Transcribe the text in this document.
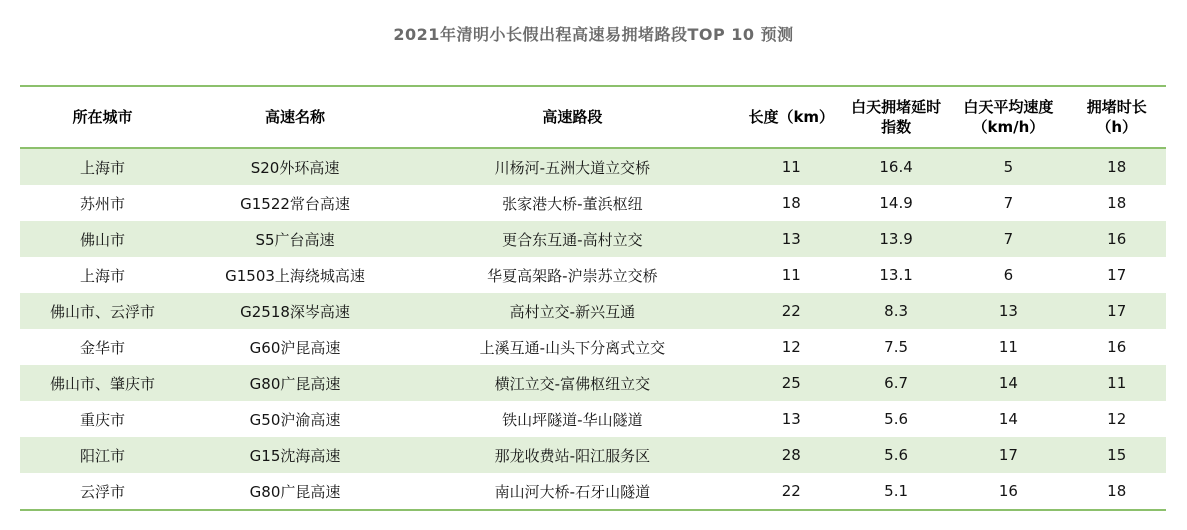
2021年清明小长假出程高速易拥堵路段TOP 10 预测
所在城市	高速名称	高速路段	长度（km）	白天拥堵延时指数	白天平均速度（km/h）	拥堵时长（h）
上海市	S20外环高速	川杨河-五洲大道立交桥	11	16.4	5	18
苏州市	G1522常台高速	张家港大桥-董浜枢纽	18	14.9	7	18
佛山市	S5广台高速	更合东互通-高村立交	13	13.9	7	16
上海市	G1503上海绕城高速	华夏高架路-沪崇苏立交桥	11	13.1	6	17
佛山市、云浮市	G2518深岑高速	高村立交-新兴互通	22	8.3	13	17
金华市	G60沪昆高速	上溪互通-山头下分离式立交	12	7.5	11	16
佛山市、肇庆市	G80广昆高速	横江立交-富佛枢纽立交	25	6.7	14	11
重庆市	G50沪渝高速	铁山坪隧道-华山隧道	13	5.6	14	12
阳江市	G15沈海高速	那龙收费站-阳江服务区	28	5.6	17	15
云浮市	G80广昆高速	南山河大桥-石牙山隧道	22	5.1	16	18
